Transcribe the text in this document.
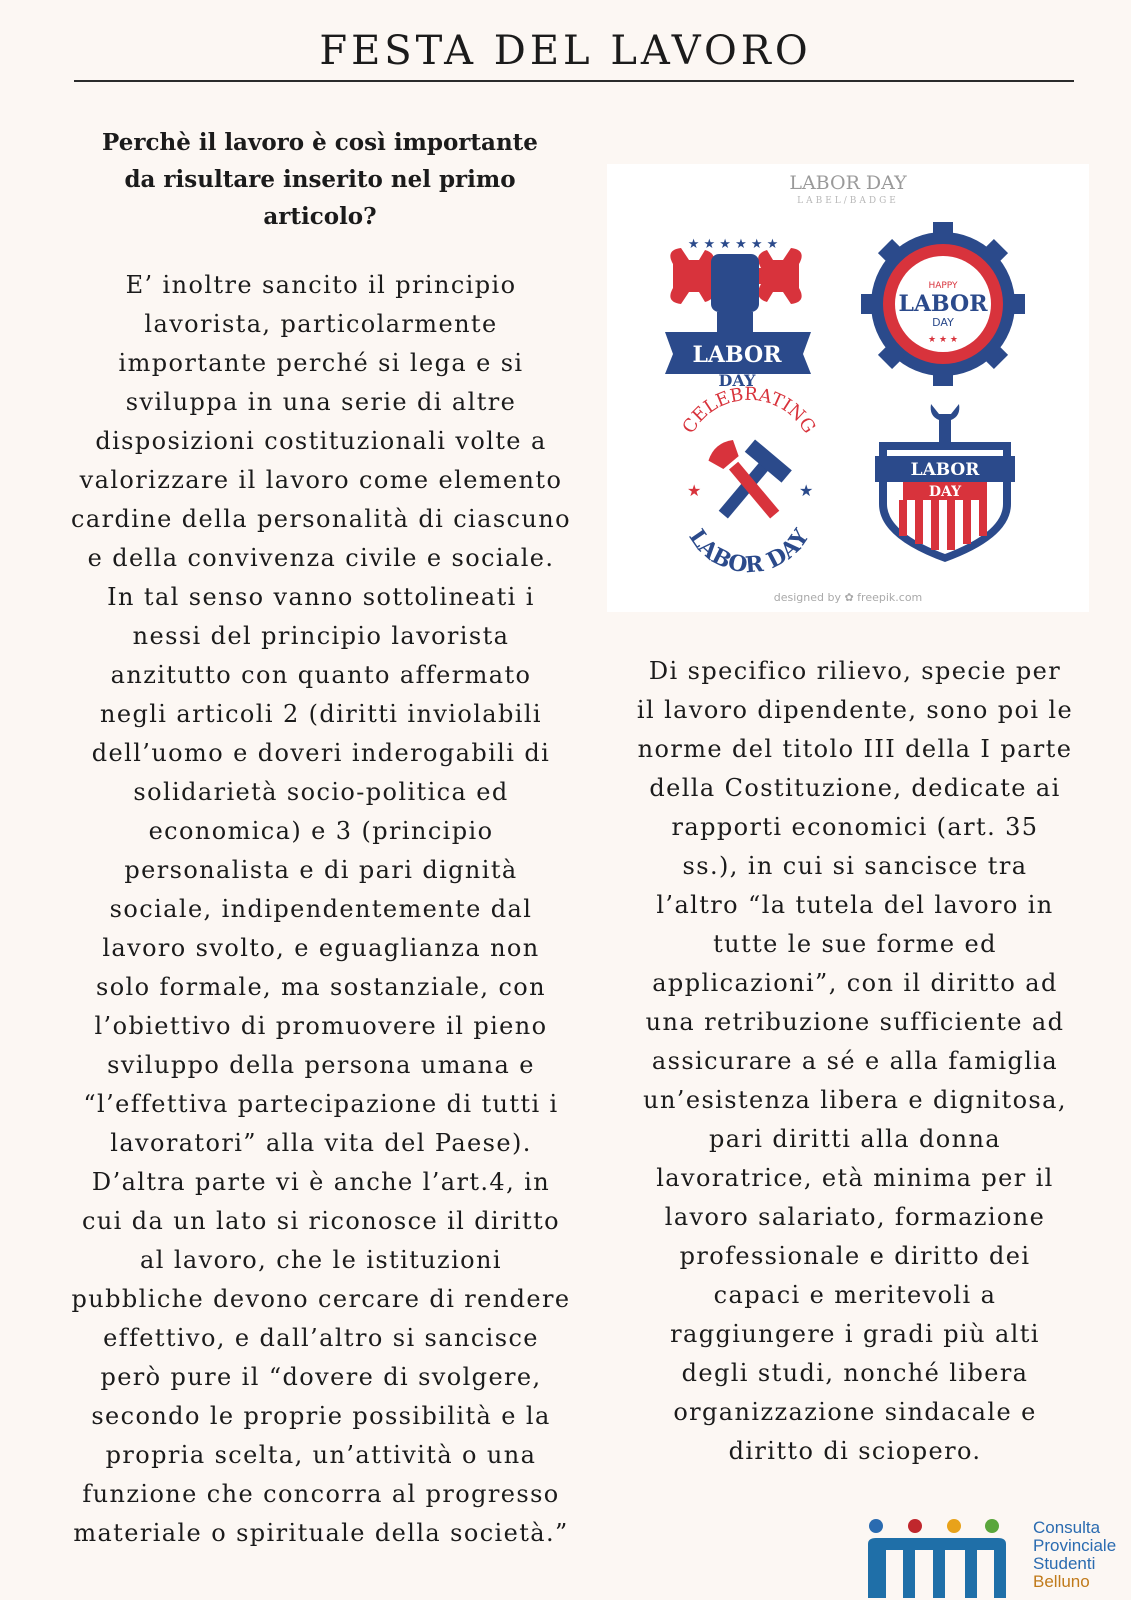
FESTA DEL LAVORO
Perchè il lavoro è così importante
da risultare inserito nel primo
articolo?
E’ inoltre sancito il principio
lavorista, particolarmente
importante perché si lega e si
sviluppa in una serie di altre
disposizioni costituzionali volte a
valorizzare il lavoro come elemento
cardine della personalità di ciascuno
e della convivenza civile e sociale.
In tal senso vanno sottolineati i
nessi del principio lavorista
anzitutto con quanto affermato
negli articoli 2 (diritti inviolabili
dell’uomo e doveri inderogabili di
solidarietà socio-politica ed
economica) e 3 (principio
personalista e di pari dignità
sociale, indipendentemente dal
lavoro svolto, e eguaglianza non
solo formale, ma sostanziale, con
l’obiettivo di promuovere il pieno
sviluppo della persona umana e
“l’effettiva partecipazione di tutti i
lavoratori” alla vita del Paese).
D’altra parte vi è anche l’art.4, in
cui da un lato si riconosce il diritto
al lavoro, che le istituzioni
pubbliche devono cercare di rendere
effettivo, e dall’altro si sancisce
però pure il “dovere di svolgere,
secondo le proprie possibilità e la
propria scelta, un’attività o una
funzione che concorra al progresso
materiale o spirituale della società.”
LABOR DAY
LABEL/BADGE
★ ★ ★ ★ ★ ★
LABOR
DAY
HAPPY
LABOR
DAY
★ ★ ★
CELEBRATING
LABOR DAY
★	★
LABOR
DAY
designed by ✿ freepik.com
Di specifico rilievo, specie per
il lavoro dipendente, sono poi le
norme del titolo III della I parte
della Costituzione, dedicate ai
rapporti economici (art. 35
ss.), in cui si sancisce tra
l’altro “la tutela del lavoro in
tutte le sue forme ed
applicazioni”, con il diritto ad
una retribuzione sufficiente ad
assicurare a sé e alla famiglia
un’esistenza libera e dignitosa,
pari diritti alla donna
lavoratrice, età minima per il
lavoro salariato, formazione
professionale e diritto dei
capaci e meritevoli a
raggiungere i gradi più alti
degli studi, nonché libera
organizzazione sindacale e
diritto di sciopero.
Consulta
Provinciale
Studenti
Belluno
